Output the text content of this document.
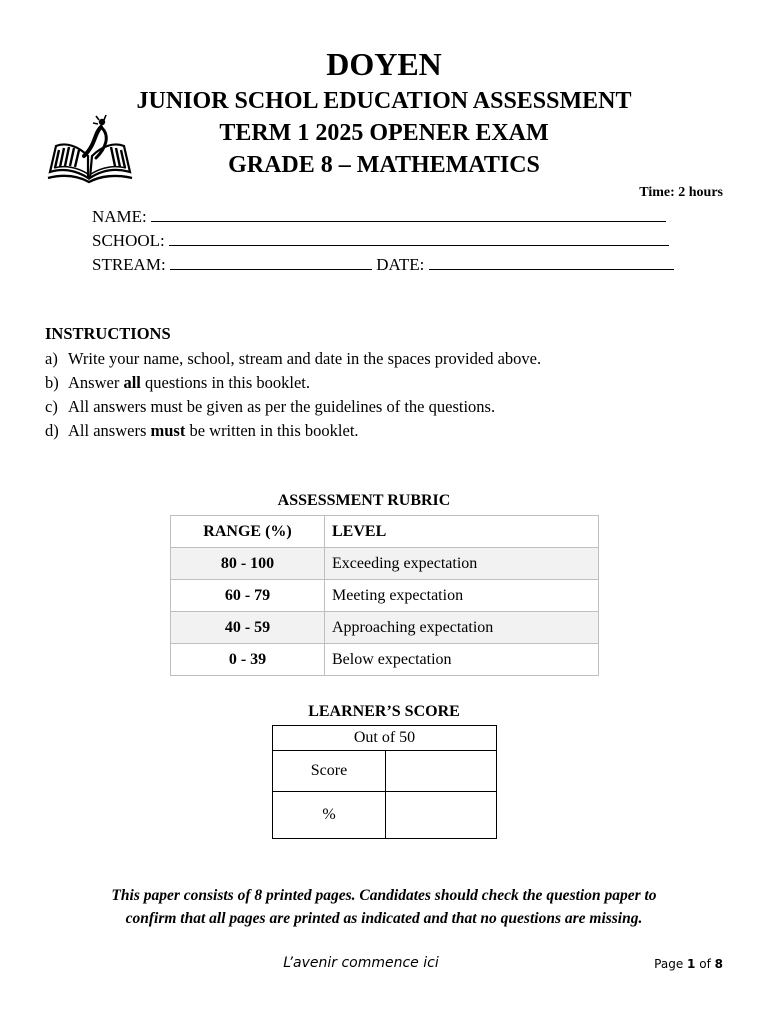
DOYEN
JUNIOR SCHOL EDUCATION ASSESSMENT
TERM 1 2025 OPENER EXAM
GRADE 8 – MATHEMATICS
Time: 2 hours
NAME:
SCHOOL:
STREAM:	DATE:

INSTRUCTIONS

a) Write your name, school, stream and date in the spaces provided above.

b) Answer all questions in this booklet.

c) All answers must be given as per the guidelines of the questions.

d) All answers must be written in this booklet.

ASSESSMENT RUBRIC
RANGE (%)	LEVEL
80 - 100	Exceeding expectation
60 - 79	Meeting expectation
40 - 59	Approaching expectation
0 - 39	Below expectation
LEARNER’S SCORE
Out of 50	
Score	
%	
This paper consists of 8 printed pages. Candidates should check the question paper to
confirm that all pages are printed as indicated and that no questions are missing.
L’avenir commence ici	Page 1 of 8
